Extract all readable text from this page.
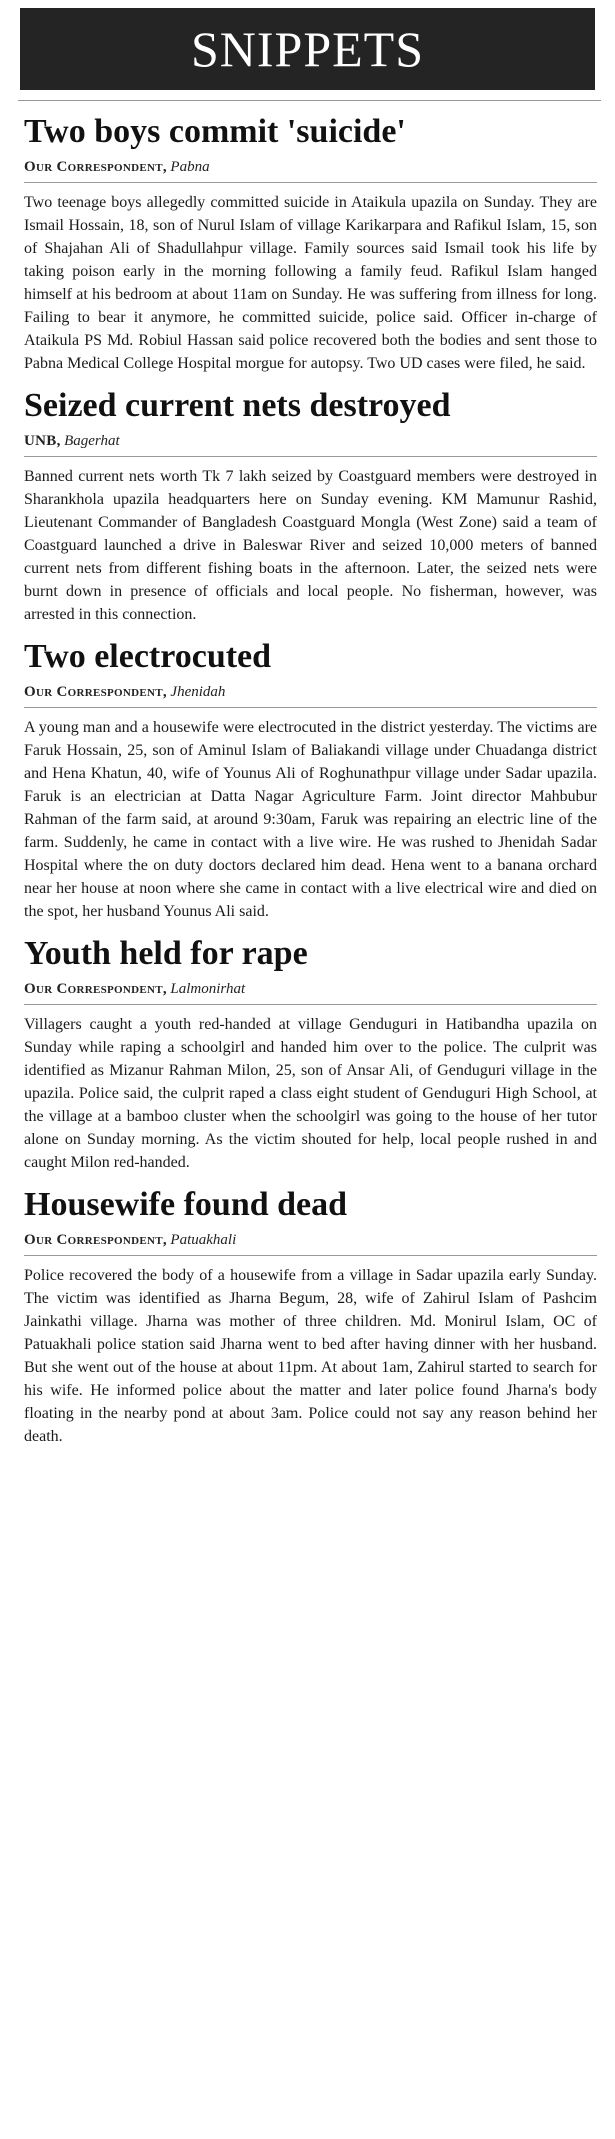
SNIPPETS
Two boys commit 'suicide'
Our Correspondent, Pabna

Two teenage boys allegedly committed suicide in Ataikula upazila on Sunday. They are Ismail Hossain, 18, son of Nurul Islam of village Karikarpara and Rafikul Islam, 15, son of Shajahan Ali of Shadullahpur village. Family sources said Ismail took his life by taking poison early in the morning following a family feud. Rafikul Islam hanged himself at his bedroom at about 11am on Sunday. He was suffering from illness for long. Failing to bear it anymore, he committed suicide, police said. Officer in-charge of Ataikula PS Md. Robiul Hassan said police recovered both the bodies and sent those to Pabna Medical College Hospital morgue for autopsy. Two UD cases were filed, he said.

Seized current nets destroyed
UNB, Bagerhat

Banned current nets worth Tk 7 lakh seized by Coastguard members were destroyed in Sharankhola upazila headquarters here on Sunday evening. KM Mamunur Rashid, Lieutenant Commander of Bangladesh Coastguard Mongla (West Zone) said a team of Coastguard launched a drive in Baleswar River and seized 10,000 meters of banned current nets from different fishing boats in the afternoon. Later, the seized nets were burnt down in presence of officials and local people. No fisherman, however, was arrested in this connection.

Two electrocuted
Our Correspondent, Jhenidah

A young man and a housewife were electrocuted in the district yesterday. The victims are Faruk Hossain, 25, son of Aminul Islam of Baliakandi village under Chuadanga district and Hena Khatun, 40, wife of Younus Ali of Roghunathpur village under Sadar upazila. Faruk is an electrician at Datta Nagar Agriculture Farm. Joint director Mahbubur Rahman of the farm said, at around 9:30am, Faruk was repairing an electric line of the farm. Suddenly, he came in contact with a live wire. He was rushed to Jhenidah Sadar Hospital where the on duty doctors declared him dead. Hena went to a banana orchard near her house at noon where she came in contact with a live electrical wire and died on the spot, her husband Younus Ali said.

Youth held for rape
Our Correspondent, Lalmonirhat

Villagers caught a youth red-handed at village Genduguri in Hatibandha upazila on Sunday while raping a schoolgirl and handed him over to the police. The culprit was identified as Mizanur Rahman Milon, 25, son of Ansar Ali, of Genduguri village in the upazila. Police said, the culprit raped a class eight student of Genduguri High School, at the village at a bamboo cluster when the schoolgirl was going to the house of her tutor alone on Sunday morning. As the victim shouted for help, local people rushed in and caught Milon red-handed.

Housewife found dead
Our Correspondent, Patuakhali

Police recovered the body of a housewife from a village in Sadar upazila early Sunday. The victim was identified as Jharna Begum, 28, wife of Zahirul Islam of Pashcim Jainkathi village. Jharna was mother of three children. Md. Monirul Islam, OC of Patuakhali police station said Jharna went to bed after having dinner with her husband. But she went out of the house at about 11pm. At about 1am, Zahirul started to search for his wife. He informed police about the matter and later police found Jharna's body floating in the nearby pond at about 3am. Police could not say any reason behind her death.
